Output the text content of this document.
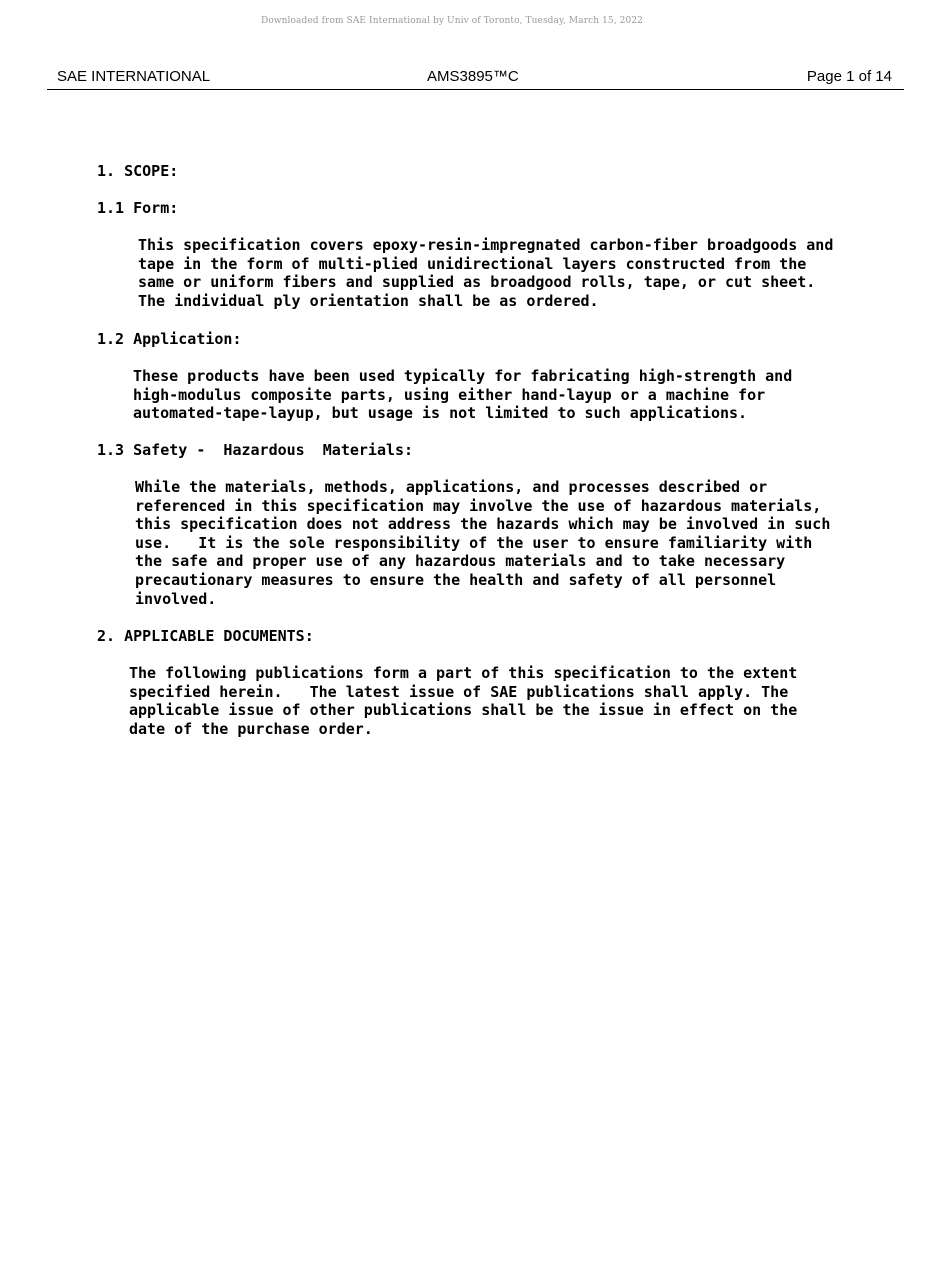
Downloaded from SAE International by Univ of Toronto, Tuesday, March 15, 2022
SAE INTERNATIONAL	AMS3895™C	Page 1 of 14
1. SCOPE:
1.1 Form:
This specification covers epoxy-resin-impregnated carbon-fiber broadgoods and
tape in the form of multi-plied unidirectional layers constructed from the
same or uniform fibers and supplied as broadgood rolls, tape, or cut sheet.
The individual ply orientation shall be as ordered.
1.2 Application:
These products have been used typically for fabricating high-strength and
high-modulus composite parts, using either hand-layup or a machine for
automated-tape-layup, but usage is not limited to such applications.
1.3 Safety -  Hazardous  Materials:
While the materials, methods, applications, and processes described or
referenced in this specification may involve the use of hazardous materials,
this specification does not address the hazards which may be involved in such
use.   It is the sole responsibility of the user to ensure familiarity with
the safe and proper use of any hazardous materials and to take necessary
precautionary measures to ensure the health and safety of all personnel
involved.
2. APPLICABLE DOCUMENTS:
The following publications form a part of this specification to the extent
specified herein.   The latest issue of SAE publications shall apply. The
applicable issue of other publications shall be the issue in effect on the
date of the purchase order.
